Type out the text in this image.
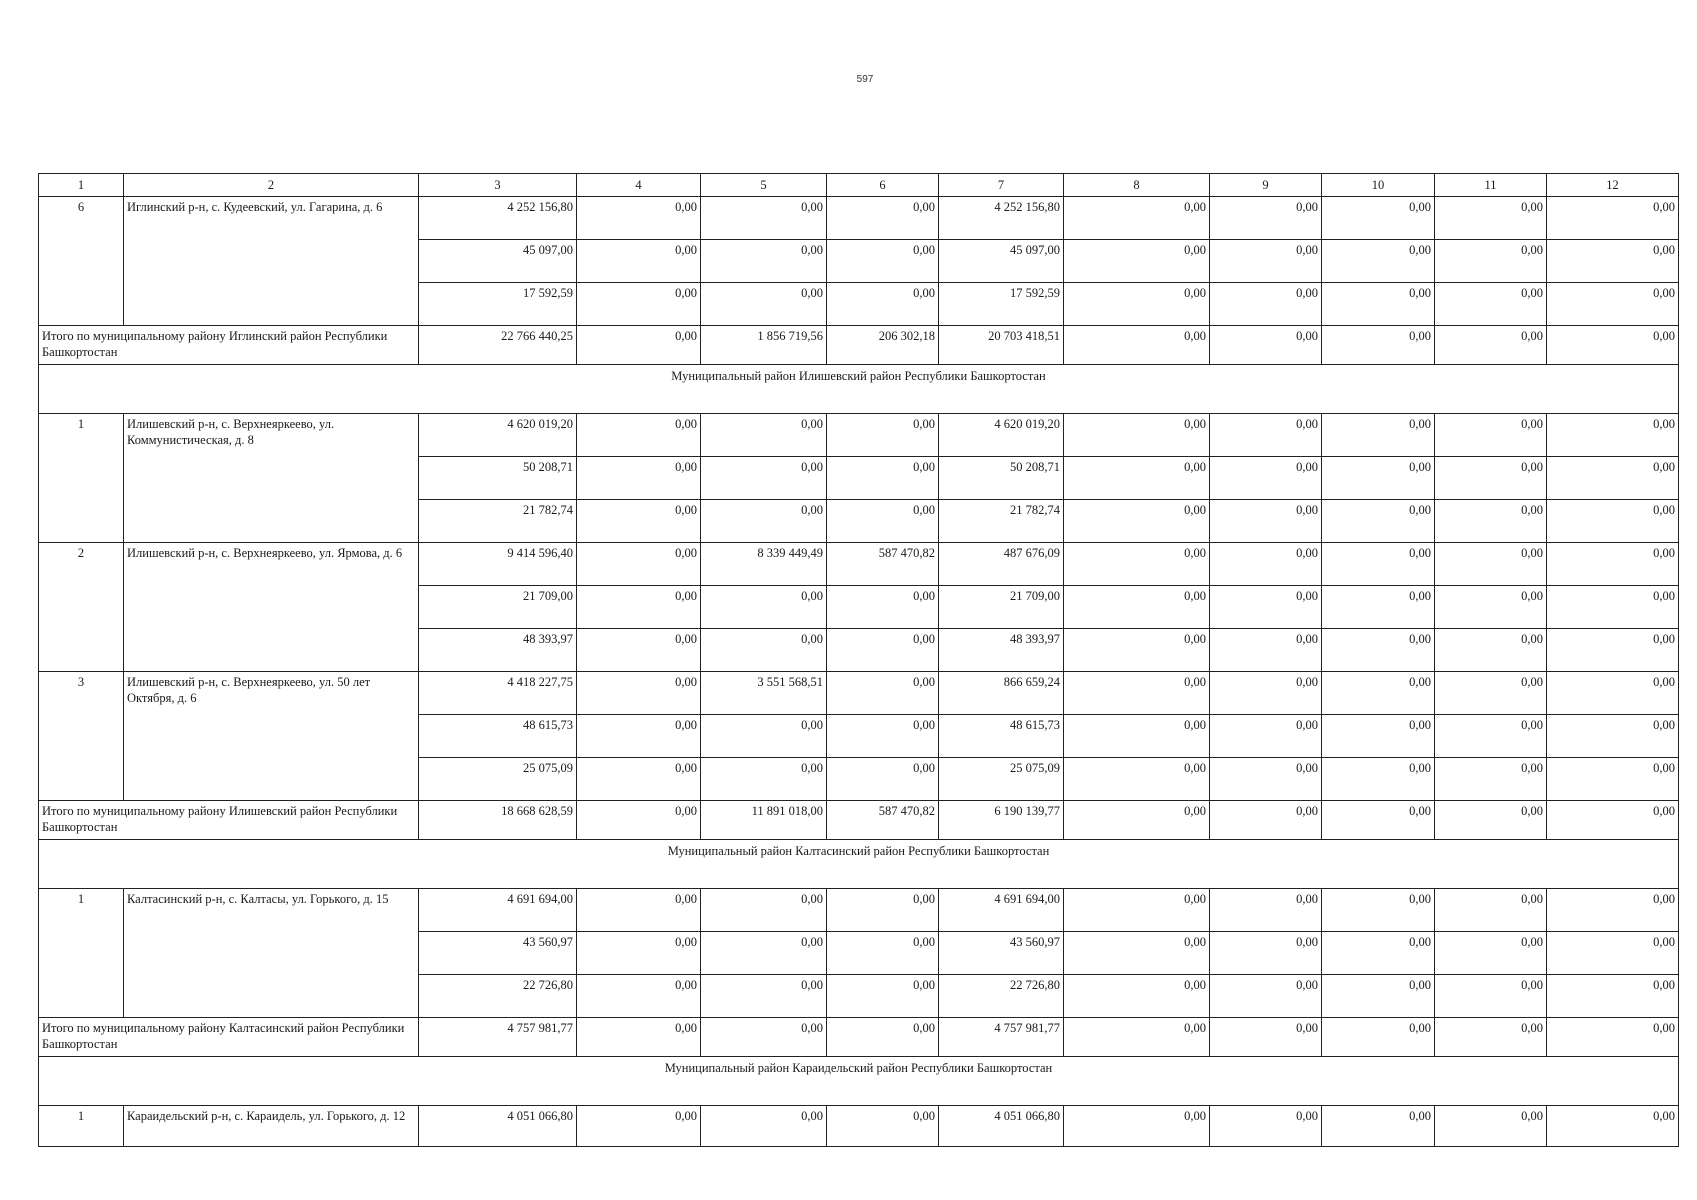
597
1	2	3	4	5	6	7	8	9	10	11	12
6	Иглинский р-н, с. Кудеевский, ул. Гагарина, д. 6	4 252 156,80	0,00	0,00	0,00	4 252 156,80	0,00	0,00	0,00	0,00	0,00
		45 097,00	0,00	0,00	0,00	45 097,00	0,00	0,00	0,00	0,00	0,00
		17 592,59	0,00	0,00	0,00	17 592,59	0,00	0,00	0,00	0,00	0,00
Итого по муниципальному району Иглинский район Республики Башкортостан		22 766 440,25	0,00	1 856 719,56	206 302,18	20 703 418,51	0,00	0,00	0,00	0,00	0,00
Муниципальный район Илишевский район Республики Башкортостан											
1	Илишевский р-н, с. Верхнеяркеево, ул. Коммунистическая, д. 8	4 620 019,20	0,00	0,00	0,00	4 620 019,20	0,00	0,00	0,00	0,00	0,00
		50 208,71	0,00	0,00	0,00	50 208,71	0,00	0,00	0,00	0,00	0,00
		21 782,74	0,00	0,00	0,00	21 782,74	0,00	0,00	0,00	0,00	0,00
2	Илишевский р-н, с. Верхнеяркеево, ул. Ярмова, д. 6	9 414 596,40	0,00	8 339 449,49	587 470,82	487 676,09	0,00	0,00	0,00	0,00	0,00
		21 709,00	0,00	0,00	0,00	21 709,00	0,00	0,00	0,00	0,00	0,00
		48 393,97	0,00	0,00	0,00	48 393,97	0,00	0,00	0,00	0,00	0,00
3	Илишевский р-н, с. Верхнеяркеево, ул. 50 лет Октября, д. 6	4 418 227,75	0,00	3 551 568,51	0,00	866 659,24	0,00	0,00	0,00	0,00	0,00
		48 615,73	0,00	0,00	0,00	48 615,73	0,00	0,00	0,00	0,00	0,00
		25 075,09	0,00	0,00	0,00	25 075,09	0,00	0,00	0,00	0,00	0,00
Итого по муниципальному району Илишевский район Республики Башкортостан		18 668 628,59	0,00	11 891 018,00	587 470,82	6 190 139,77	0,00	0,00	0,00	0,00	0,00
Муниципальный район Калтасинский район Республики Башкортостан											
1	Калтасинский р-н, с. Калтасы, ул. Горького, д. 15	4 691 694,00	0,00	0,00	0,00	4 691 694,00	0,00	0,00	0,00	0,00	0,00
		43 560,97	0,00	0,00	0,00	43 560,97	0,00	0,00	0,00	0,00	0,00
		22 726,80	0,00	0,00	0,00	22 726,80	0,00	0,00	0,00	0,00	0,00
Итого по муниципальному району Калтасинский район Республики Башкортостан		4 757 981,77	0,00	0,00	0,00	4 757 981,77	0,00	0,00	0,00	0,00	0,00
Муниципальный район Караидельский район Республики Башкортостан											
1	Караидельский р-н, с. Караидель, ул. Горького, д. 12	4 051 066,80	0,00	0,00	0,00	4 051 066,80	0,00	0,00	0,00	0,00	0,00
